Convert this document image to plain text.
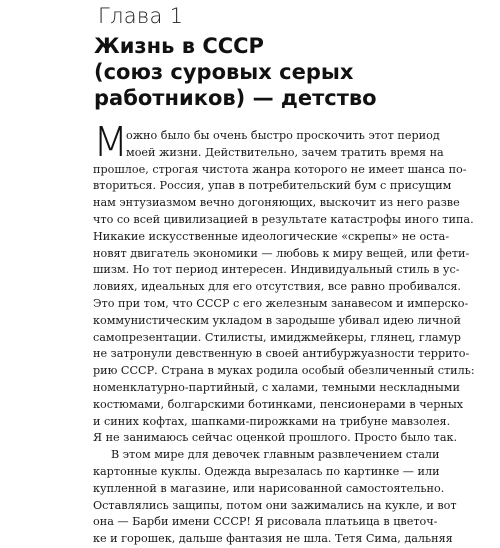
Глава 1
Жизнь в СССР
(союз суровых серых
работников) — детство
М
ожно было бы очень быстро проскочить этот период
моей жизни. Действительно, зачем тратить время на
прошлое, строгая чистота жанра которого не имеет шанса по-
вториться. Россия, упав в потребительский бум с присущим
нам энтузиазмом вечно догоняющих, выскочит из него разве
что со всей цивилизацией в результате катастрофы иного типа.
Никакие искусственные идеологические «скрепы» не оста-
новят двигатель экономики — любовь к миру вещей, или фети-
шизм. Но тот период интересен. Индивидуальный стиль в ус-
ловиях, идеальных для его отсутствия, все равно пробивался.
Это при том, что СССР с его железным занавесом и имперско-
коммунистическим укладом в зародыше убивал идею личной
самопрезентации. Стилисты, имиджмейкеры, глянец, гламур
не затронули девственную в своей антибуржуазности террито-
рию СССР. Страна в муках родила особый обезличенный стиль:
номенклатурно-партийный, с халами, темными нескладными
костюмами, болгарскими ботинками, пенсионерами в черных
и синих кофтах, шапками-пирожками на трибуне мавзолея.
Я не занимаюсь сейчас оценкой прошлого. Просто было так.
В этом мире для девочек главным развлечением стали
картонные куклы. Одежда вырезалась по картинке — или
купленной в магазине, или нарисованной самостоятельно.
Оставлялись защипы, потом они зажимались на кукле, и вот
она — Барби имени СССР! Я рисовала платьица в цветоч-
ке и горошек, дальше фантазия не шла. Тетя Сима, дальняя
